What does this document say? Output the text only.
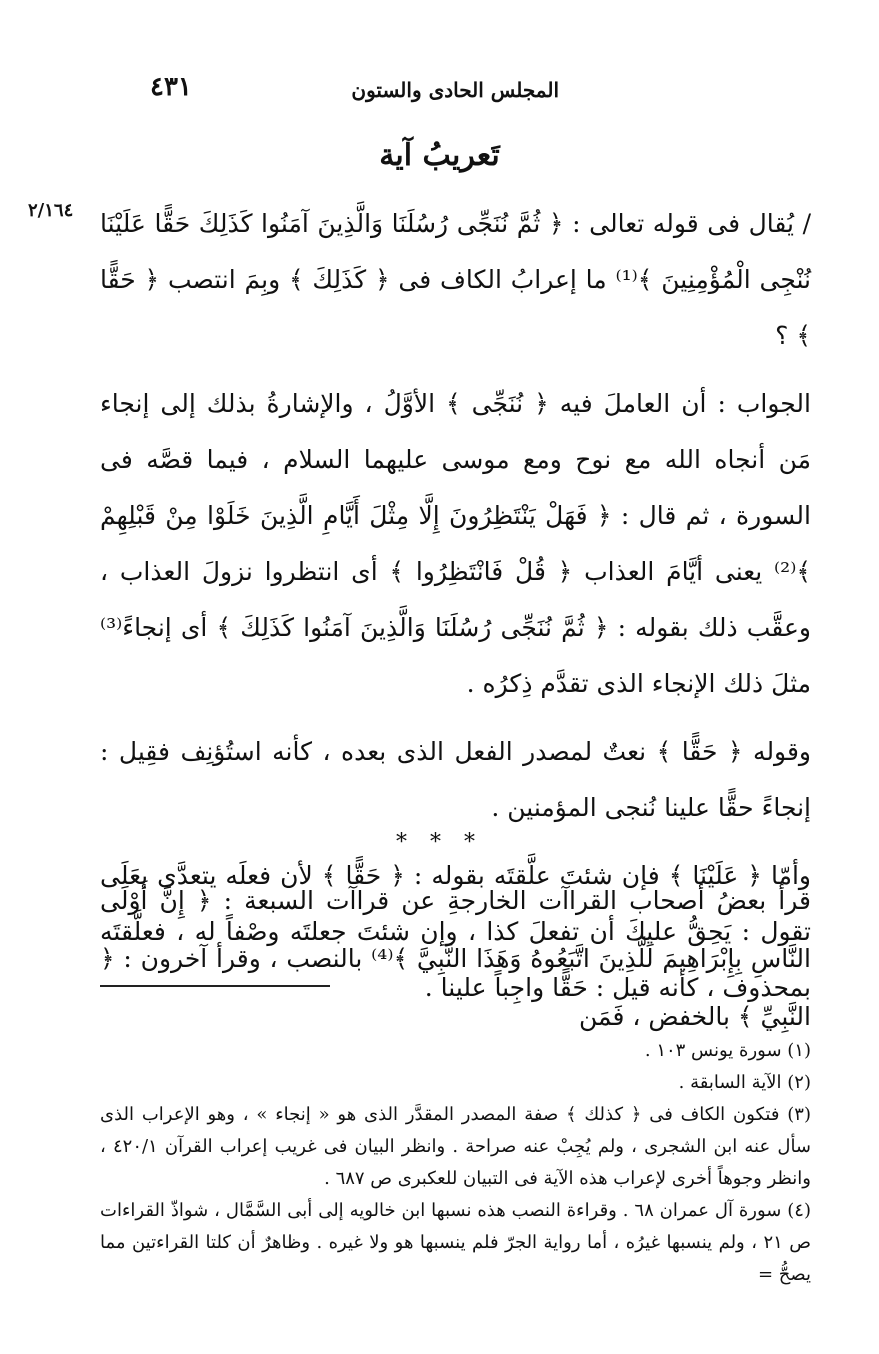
المجلس الحادى والستون
٤٣١
تَعريبُ آية
٢/١٦٤ / يُقال فى قوله تعالى : ﴿ ثُمَّ نُنَجِّى رُسُلَنَا وَالَّذِينَ آمَنُوا كَذَلِكَ حَقًّا عَلَيْنَا نُنْجِى الْمُؤْمِنِينَ ﴾⁽¹⁾ ما إعرابُ الكاف فى ﴿ كَذَلِكَ ﴾ وبِمَ انتصب ﴿ حَقًّا ﴾ ؟

الجواب : أن العاملَ فيه ﴿ نُنَجِّى ﴾ الأوَّلُ ، والإشارةُ بذلك إلى إنجاء مَن أنجاه الله مع نوح ومع موسى عليهما السلام ، فيما قصَّه فى السورة ، ثم قال : ﴿ فَهَلْ يَنْتَظِرُونَ إِلَّا مِثْلَ أَيَّامِ الَّذِينَ خَلَوْا مِنْ قَبْلِهِمْ ﴾⁽²⁾ يعنى أيَّامَ العذاب ﴿ قُلْ فَانْتَظِرُوا ﴾ أى انتظروا نزولَ العذاب ، وعقَّب ذلك بقوله : ﴿ ثُمَّ نُنَجِّى رُسُلَنَا وَالَّذِينَ آمَنُوا كَذَلِكَ ﴾ أى إنجاءً⁽³⁾ مثلَ ذلك الإنجاء الذى تقدَّم ذِكرُه .

وقوله ﴿ حَقًّا ﴾ نعتٌ لمصدر الفعل الذى بعده ، كأنه استُؤنِف فقِيل : إنجاءً حقًّا علينا نُنجى المؤمنين .

وأمّا ﴿ عَلَيْنَا ﴾ فإن شئتَ علَّقتَه بقوله : ﴿ حَقًّا ﴾ لأن فعلَه يتعدَّى بعَلَى تقول : يَحِقُّ عليكَ أن تفعلَ كذا ، وإن شئتَ جعلتَه وصْفاً له ، فعلَّقتَه بمحذوف ، كأنه قيل : حَقًّا واجِباً علينا .

* * *

قرأ بعضُ أصحاب القراآت الخارجةِ عن قراآت السبعة : ﴿ إِنَّ أَوْلَى النَّاسِ بِإِبْرَاهِيمَ لَلَّذِينَ اتَّبَعُوهُ وَهَذَا النَّبِيَّ ﴾⁽⁴⁾ بالنصب ، وقرأ آخرون : ﴿ النَّبِيِّ ﴾ بالخفض ، فَمَن

(١) سورة يونس ١٠٣ .

(٢) الآية السابقة .

(٣) فتكون الكاف فى ﴿ كذلك ﴾ صفة المصدر المقدَّر الذى هو « إنجاء » ، وهو الإعراب الذى سأل عنه ابن الشجرى ، ولم يُجِبْ عنه صراحة . وانظر البيان فى غريب إعراب القرآن ٤٢٠/١ ، وانظر وجوهاً أخرى لإعراب هذه الآية فى التبيان للعكبرى ص ٦٨٧ .

(٤) سورة آل عمران ٦٨ . وقراءة النصب هذه نسبها ابن خالويه إلى أبى السَّمَّال ، شواذّ القراءات ص ٢١ ، ولم ينسبها غيرُه ، أما رواية الجرّ فلم ينسبها هو ولا غيره . وظاهرٌ أن كلتا القراءتين مما يصحُّ =
